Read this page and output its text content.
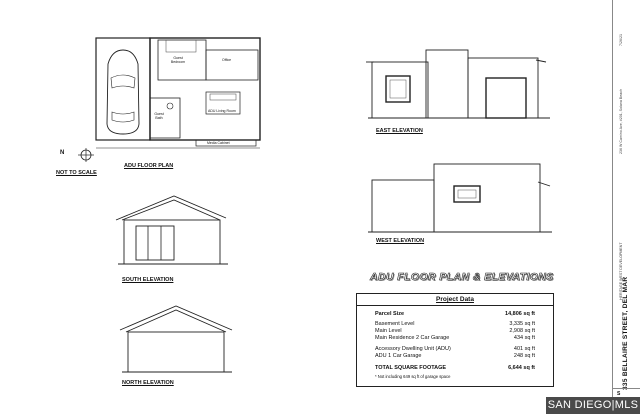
Guest Bedroom	Office
ADU Living Room
Guest Bath
Media Cabinet
N
NOT TO SCALE
ADU FLOOR PLAN
EAST ELEVATION
WEST ELEVATION
SOUTH ELEVATION
NORTH ELEVATION
ADU FLOOR PLAN & ELEVATIONS
Project Data
Parcel Size	14,806 sq ft
Basement Level	3,335 sq ft
Main Level	2,908 sq ft
Main Residence 2 Car Garage	434 sq ft
Accessory Dwelling Unit (ADU)	401 sq ft
ADU 1 Car Garage	248 sq ft
TOTAL SQUARE FOOTAGE	6,644 sq ft
* Not including 649 sq ft of garage space
HERITAGE WEST DEVELOPMENT
236 W Camino Ave, #201, Solana Beach
7/26/21
335 BELLAIRE STREET, DEL MAR
S
SAN DIEGO|MLS
